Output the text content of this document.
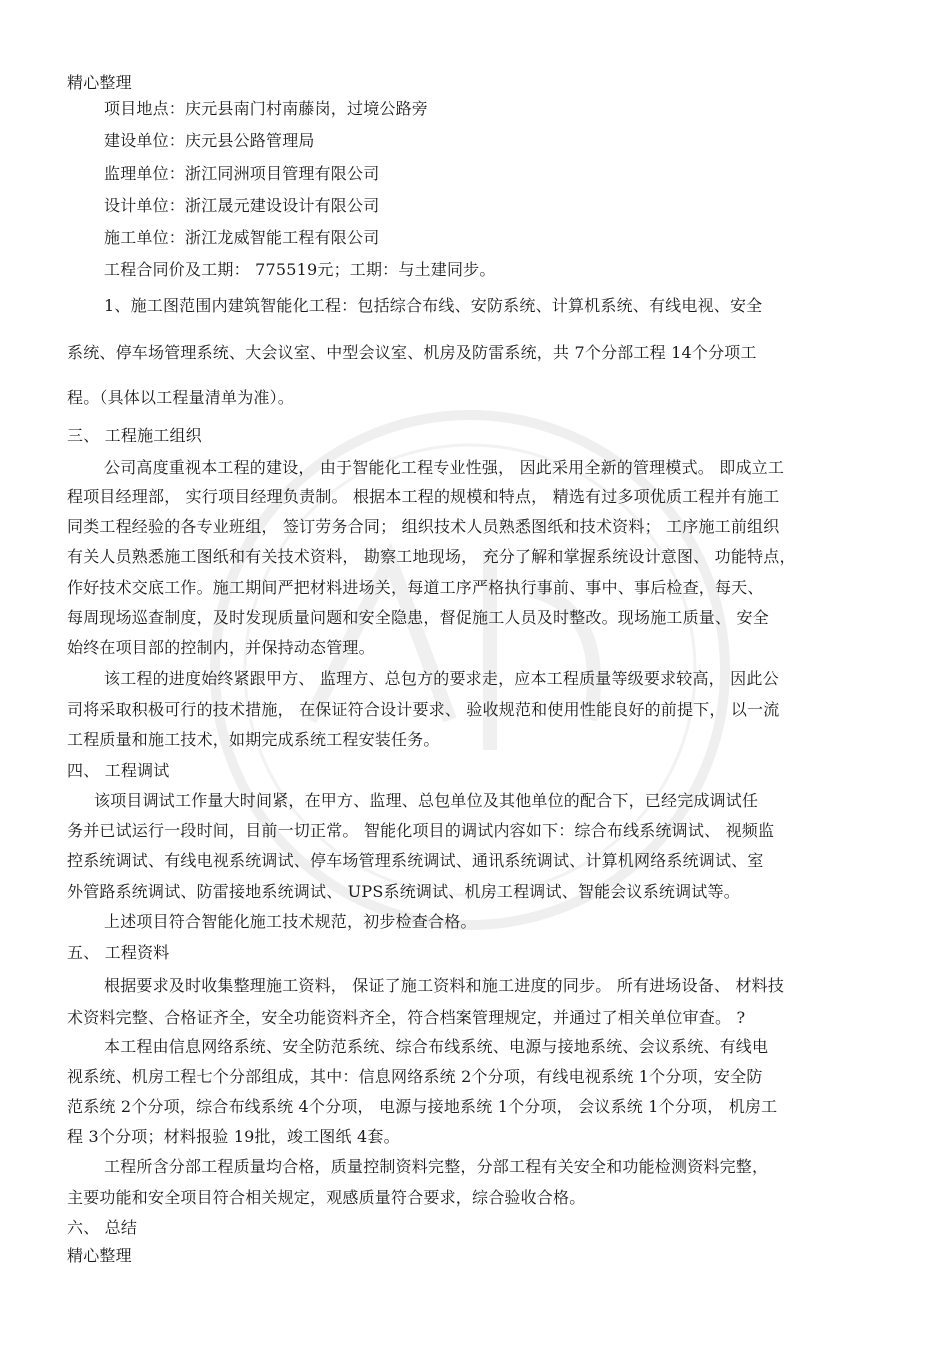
精心整理
项目地点：庆元县南门村南藤岗，过境公路旁
建设单位：庆元县公路管理局
监理单位：浙江同洲项目管理有限公司
设计单位：浙江晟元建设设计有限公司
施工单位：浙江龙威智能工程有限公司
工程合同价及工期： 775519元；工期：与土建同步。
1、施工图范围内建筑智能化工程：包括综合布线、安防系统、计算机系统、有线电视、安全
系统、停车场管理系统、大会议室、中型会议室、机房及防雷系统，共 7个分部工程 14个分项工
程。（具体以工程量清单为准）。
三、 工程施工组织
公司高度重视本工程的建设， 由于智能化工程专业性强， 因此采用全新的管理模式。 即成立工
程项目经理部， 实行项目经理负责制。 根据本工程的规模和特点， 精选有过多项优质工程并有施工
同类工程经验的各专业班组， 签订劳务合同； 组织技术人员熟悉图纸和技术资料； 工序施工前组织
有关人员熟悉施工图纸和有关技术资料， 勘察工地现场， 充分了解和掌握系统设计意图、 功能特点，
作好技术交底工作。施工期间严把材料进场关，每道工序严格执行事前、事中、事后检查，每天、
每周现场巡查制度，及时发现质量问题和安全隐患，督促施工人员及时整改。现场施工质量、 安全
始终在项目部的控制内，并保持动态管理。
该工程的进度始终紧跟甲方、 监理方、总包方的要求走，应本工程质量等级要求较高， 因此公
司将采取积极可行的技术措施， 在保证符合设计要求、 验收规范和使用性能良好的前提下， 以一流
工程质量和施工技术，如期完成系统工程安装任务。
四、 工程调试
该项目调试工作量大时间紧，在甲方、监理、总包单位及其他单位的配合下，已经完成调试任
务并已试运行一段时间，目前一切正常。 智能化项目的调试内容如下：综合布线系统调试、 视频监
控系统调试、有线电视系统调试、停车场管理系统调试、通讯系统调试、计算机网络系统调试、室
外管路系统调试、防雷接地系统调试、 UPS系统调试、机房工程调试、智能会议系统调试等。
上述项目符合智能化施工技术规范，初步检查合格。
五、 工程资料
根据要求及时收集整理施工资料， 保证了施工资料和施工进度的同步。 所有进场设备、 材料技
术资料完整、合格证齐全，安全功能资料齐全，符合档案管理规定，并通过了相关单位审查。 ?
本工程由信息网络系统、安全防范系统、综合布线系统、电源与接地系统、会议系统、有线电
视系统、机房工程七个分部组成，其中：信息网络系统 2个分项，有线电视系统 1个分项，安全防
范系统 2个分项，综合布线系统 4个分项， 电源与接地系统 1个分项， 会议系统 1个分项， 机房工
程 3个分项；材料报验 19批，竣工图纸 4套。
工程所含分部工程质量均合格，质量控制资料完整，分部工程有关安全和功能检测资料完整，
主要功能和安全项目符合相关规定，观感质量符合要求，综合验收合格。
六、 总结
精心整理
